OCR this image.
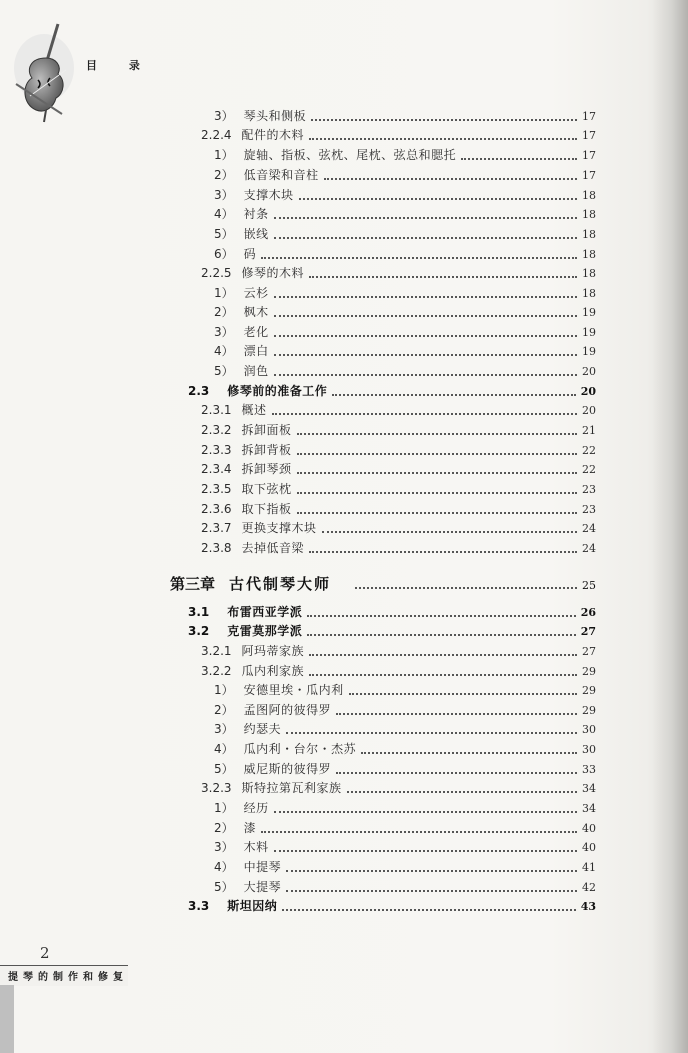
目 录
3） 琴头和侧板	17
2.2.4 配件的木料	17
1） 旋轴、指板、弦枕、尾枕、弦总和腮托	17
2） 低音梁和音柱	17
3） 支撑木块	18
4） 衬条	18
5） 嵌线	18
6） 码	18
2.2.5 修琴的木料	18
1） 云杉	18
2） 枫木	19
3） 老化	19
4） 漂白	19
5） 润色	20
2.3 修琴前的准备工作	20
2.3.1 概述	20
2.3.2 拆卸面板	21
2.3.3 拆卸背板	22
2.3.4 拆卸琴颈	22
2.3.5 取下弦枕	23
2.3.6 取下指板	23
2.3.7 更换支撑木块	24
2.3.8 去掉低音梁	24
第三章 古代制琴大师	25
3.1 布雷西亚学派	26
3.2 克雷莫那学派	27
3.2.1 阿玛蒂家族	27
3.2.2 瓜内利家族	29
1） 安德里埃・瓜内利	29
2） 孟图阿的彼得罗	29
3） 约瑟夫	30
4） 瓜内利・台尔・杰苏	30
5） 威尼斯的彼得罗	33
3.2.3 斯特拉第瓦利家族	34
1） 经历	34
2） 漆	40
3） 木料	40
4） 中提琴	41
5） 大提琴	42
3.3 斯坦因纳	43
2
提琴的制作和修复
